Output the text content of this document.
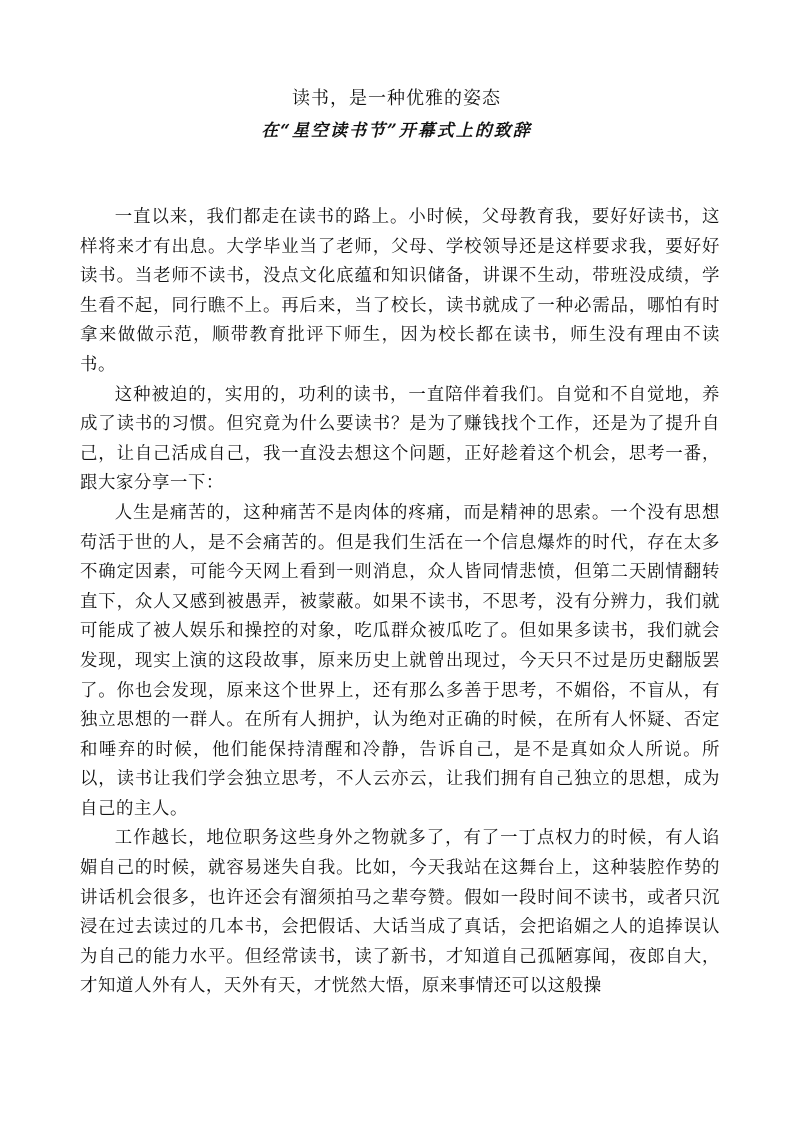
读书，是一种优雅的姿态
在“星空读书节”开幕式上的致辞

一直以来，我们都走在读书的路上。小时候，父母教育我，要好好读书，这样将来才有出息。大学毕业当了老师，父母、学校领导还是这样要求我，要好好读书。当老师不读书，没点文化底蕴和知识储备，讲课不生动，带班没成绩，学生看不起，同行瞧不上。再后来，当了校长，读书就成了一种必需品，哪怕有时拿来做做示范，顺带教育批评下师生，因为校长都在读书，师生没有理由不读书。

这种被迫的，实用的，功利的读书，一直陪伴着我们。自觉和不自觉地，养成了读书的习惯。但究竟为什么要读书？是为了赚钱找个工作，还是为了提升自己，让自己活成自己，我一直没去想这个问题，正好趁着这个机会，思考一番，跟大家分享一下：

人生是痛苦的，这种痛苦不是肉体的疼痛，而是精神的思索。一个没有思想苟活于世的人，是不会痛苦的。但是我们生活在一个信息爆炸的时代，存在太多不确定因素，可能今天网上看到一则消息，众人皆同情悲愤，但第二天剧情翻转直下，众人又感到被愚弄，被蒙蔽。如果不读书，不思考，没有分辨力，我们就可能成了被人娱乐和操控的对象，吃瓜群众被瓜吃了。但如果多读书，我们就会发现，现实上演的这段故事，原来历史上就曾出现过，今天只不过是历史翻版罢了。你也会发现，原来这个世界上，还有那么多善于思考，不媚俗，不盲从，有独立思想的一群人。在所有人拥护，认为绝对正确的时候，在所有人怀疑、否定和唾弃的时候，他们能保持清醒和冷静，告诉自己，是不是真如众人所说。所以，读书让我们学会独立思考，不人云亦云，让我们拥有自己独立的思想，成为自己的主人。

工作越长，地位职务这些身外之物就多了，有了一丁点权力的时候，有人谄媚自己的时候，就容易迷失自我。比如，今天我站在这舞台上，这种装腔作势的讲话机会很多，也许还会有溜须拍马之辈夸赞。假如一段时间不读书，或者只沉浸在过去读过的几本书，会把假话、大话当成了真话，会把谄媚之人的追捧误认为自己的能力水平。但经常读书，读了新书，才知道自己孤陋寡闻，夜郎自大，才知道人外有人，天外有天，才恍然大悟，原来事情还可以这般操
